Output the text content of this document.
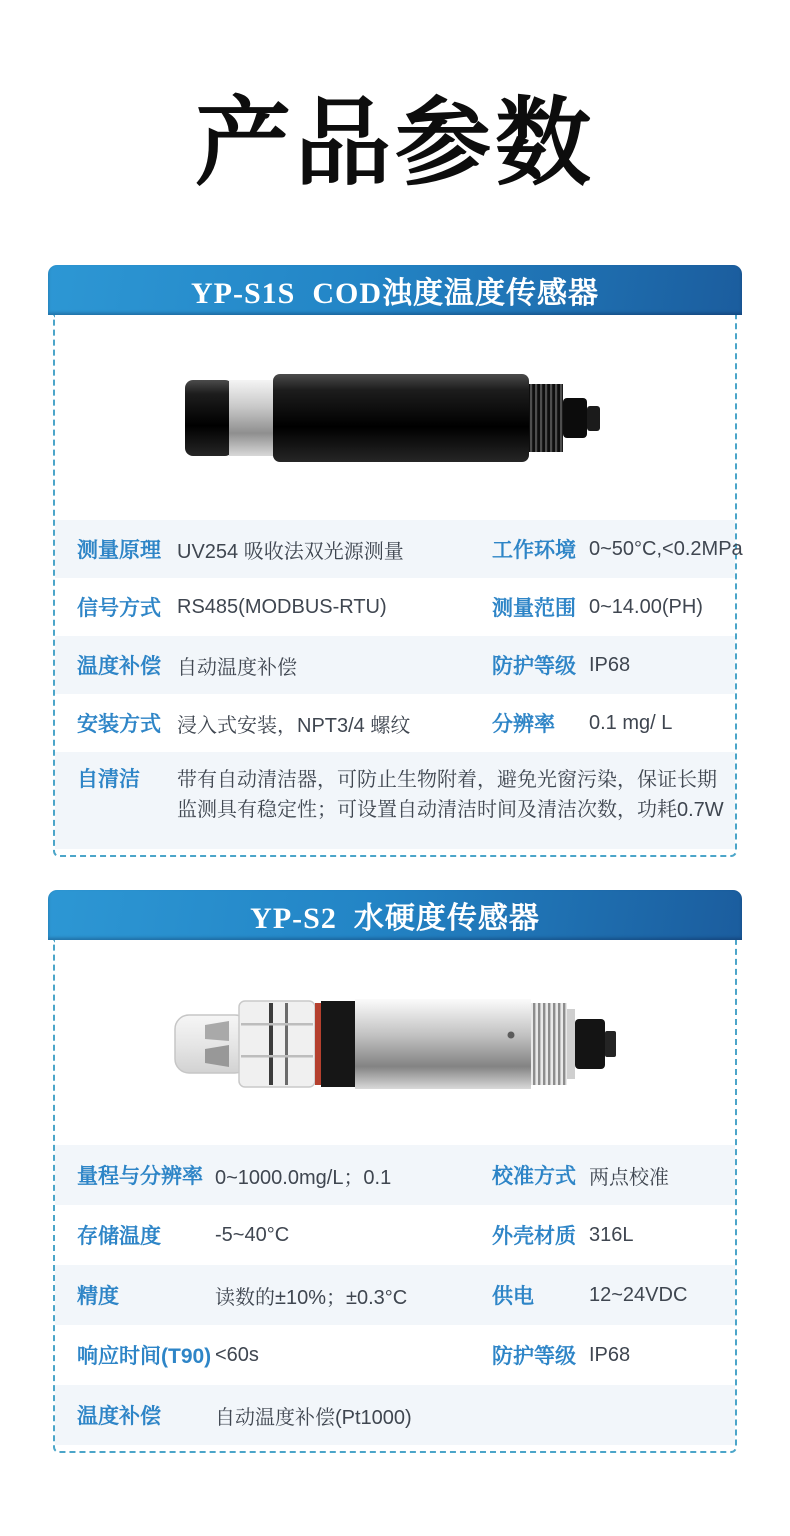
产品参数
YP-S1S  COD浊度温度传感器
测量原理 UV254 吸收法双光源测量	工作环境 0~50°C,<0.2MPa
信号方式 RS485(MODBUS-RTU)	测量范围 0~14.00(PH)
温度补偿 自动温度补偿	防护等级 IP68
安装方式 浸入式安装，NPT3/4 螺纹	分辨率	0.1 mg/ L
自清洁	带有自动清洁器，可防止生物附着，避免光窗污染，保证长期
监测具有稳定性；可设置自动清洁时间及清洁次数，功耗0.7W
YP-S2  水硬度传感器
量程与分辨率 0~1000.0mg/L；0.1	校准方式 两点校准
存储温度	-5~40°C	外壳材质 316L
精度	读数的±10%；±0.3°C	供电	12~24VDC
响应时间(T90) <60s	防护等级 IP68
温度补偿	自动温度补偿(Pt1000)
